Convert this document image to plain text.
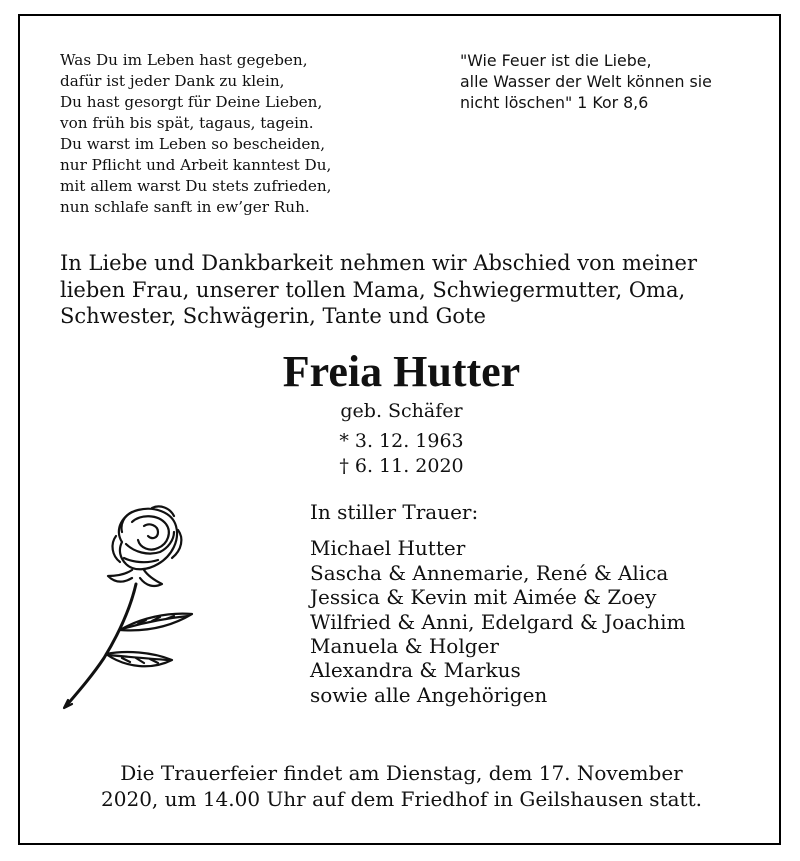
Was Du im Leben hast gegeben,
dafür ist jeder Dank zu klein,
Du hast gesorgt für Deine Lieben,
von früh bis spät, tagaus, tagein.
Du warst im Leben so bescheiden,
nur Pflicht und Arbeit kanntest Du,
mit allem warst Du stets zufrieden,
nun schlafe sanft in ew’ger Ruh.
"Wie Feuer ist die Liebe,
alle Wasser der Welt können sie
nicht löschen" 1 Kor 8,6
In Liebe und Dankbarkeit nehmen wir Abschied von meiner
lieben Frau, unserer tollen Mama, Schwiegermutter, Oma,
Schwester, Schwägerin, Tante und Gote
Freia Hutter
geb. Schäfer
* 3. 12. 1963
† 6. 11. 2020
In stiller Trauer:
Michael Hutter
Sascha & Annemarie, René & Alica
Jessica & Kevin mit Aimée & Zoey
Wilfried & Anni, Edelgard & Joachim
Manuela & Holger
Alexandra & Markus
sowie alle Angehörigen
Die Trauerfeier findet am Dienstag, dem 17. November
2020, um 14.00 Uhr auf dem Friedhof in Geilshausen statt.
